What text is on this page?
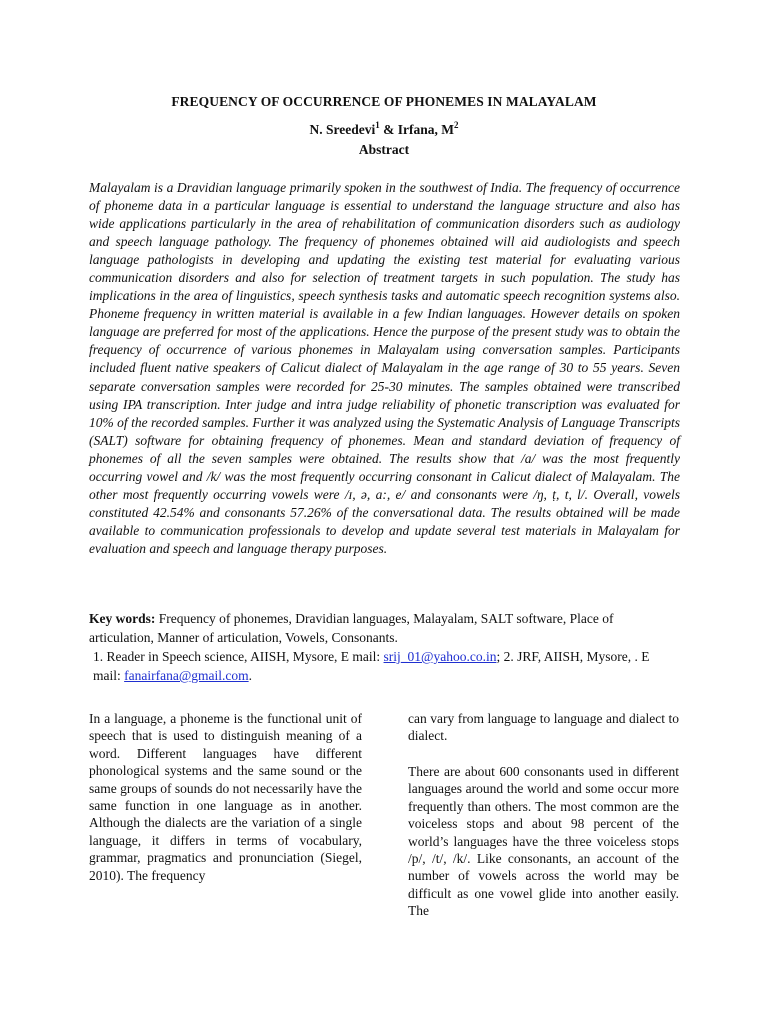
FREQUENCY OF OCCURRENCE OF PHONEMES IN MALAYALAM
N. Sreedevi$^1$ & Irfana, $M^2$
Abstract

Malayalam is a Dravidian language primarily spoken in the southwest of India. The frequency of occurrence of phoneme data in a particular language is essential to understand the language structure and also has wide applications particularly in the area of rehabilitation of communication disorders such as audiology and speech language pathology. The frequency of phonemes obtained will aid audiologists and speech language pathologists in developing and updating the existing test material for evaluating various communication disorders and also for selection of treatment targets in such population. The study has implications in the area of linguistics, speech synthesis tasks and automatic speech recognition systems also. Phoneme frequency in written material is available in a few Indian languages. However details on spoken language are preferred for most of the applications. Hence the purpose of the present study was to obtain the frequency of occurrence of various phonemes in Malayalam using conversation samples. Participants included fluent native speakers of Calicut dialect of Malayalam in the age range of 30 to 55 years. Seven separate conversation samples were recorded for 25-30 minutes. The samples obtained were transcribed using IPA transcription. Inter judge and intra judge reliability of phonetic transcription was evaluated for 10% of the recorded samples. Further it was analyzed using the Systematic Analysis of Language Transcripts (SALT) software for obtaining frequency of phonemes. Mean and standard deviation of frequency of phonemes of all the seven samples were obtained. The results show that /a/ was the most frequently occurring vowel and /k/ was the most frequently occurring consonant in Calicut dialect of Malayalam. The other most frequently occurring vowels were /ɪ, ə, a:, e/ and consonants were /ŋ, ṭ, t, l/. Overall, vowels constituted 42.54% and consonants 57.26% of the conversational data. The results obtained will be made available to communication professionals to develop and update several test materials in Malayalam for evaluation and speech and language therapy purposes.

Key words: Frequency of phonemes, Dravidian languages, Malayalam, SALT software, Place of articulation, Manner of articulation, Vowels, Consonants.

1. Reader in Speech science, AIISH, Mysore, E mail: srij_01@yahoo.co.in; 2. JRF, AIISH, Mysore, . E mail: fanairfana@gmail.com.

In a language, a phoneme is the functional unit of speech that is used to distinguish meaning of a word. Different languages have different phonological systems and the same sound or the same groups of sounds do not necessarily have the same function in one language as in another. Although the dialects are the variation of a single language, it differs in terms of vocabulary, grammar, pragmatics and pronunciation (Siegel, 2010). The frequency

can vary from language to language and dialect to dialect.

There are about 600 consonants used in different languages around the world and some occur more frequently than others. The most common are the voiceless stops and about 98 percent of the world’s languages have the three voiceless stops /p/, /t/, /k/. Like consonants, an account of the number of vowels across the world may be difficult as one vowel glide into another easily. The
